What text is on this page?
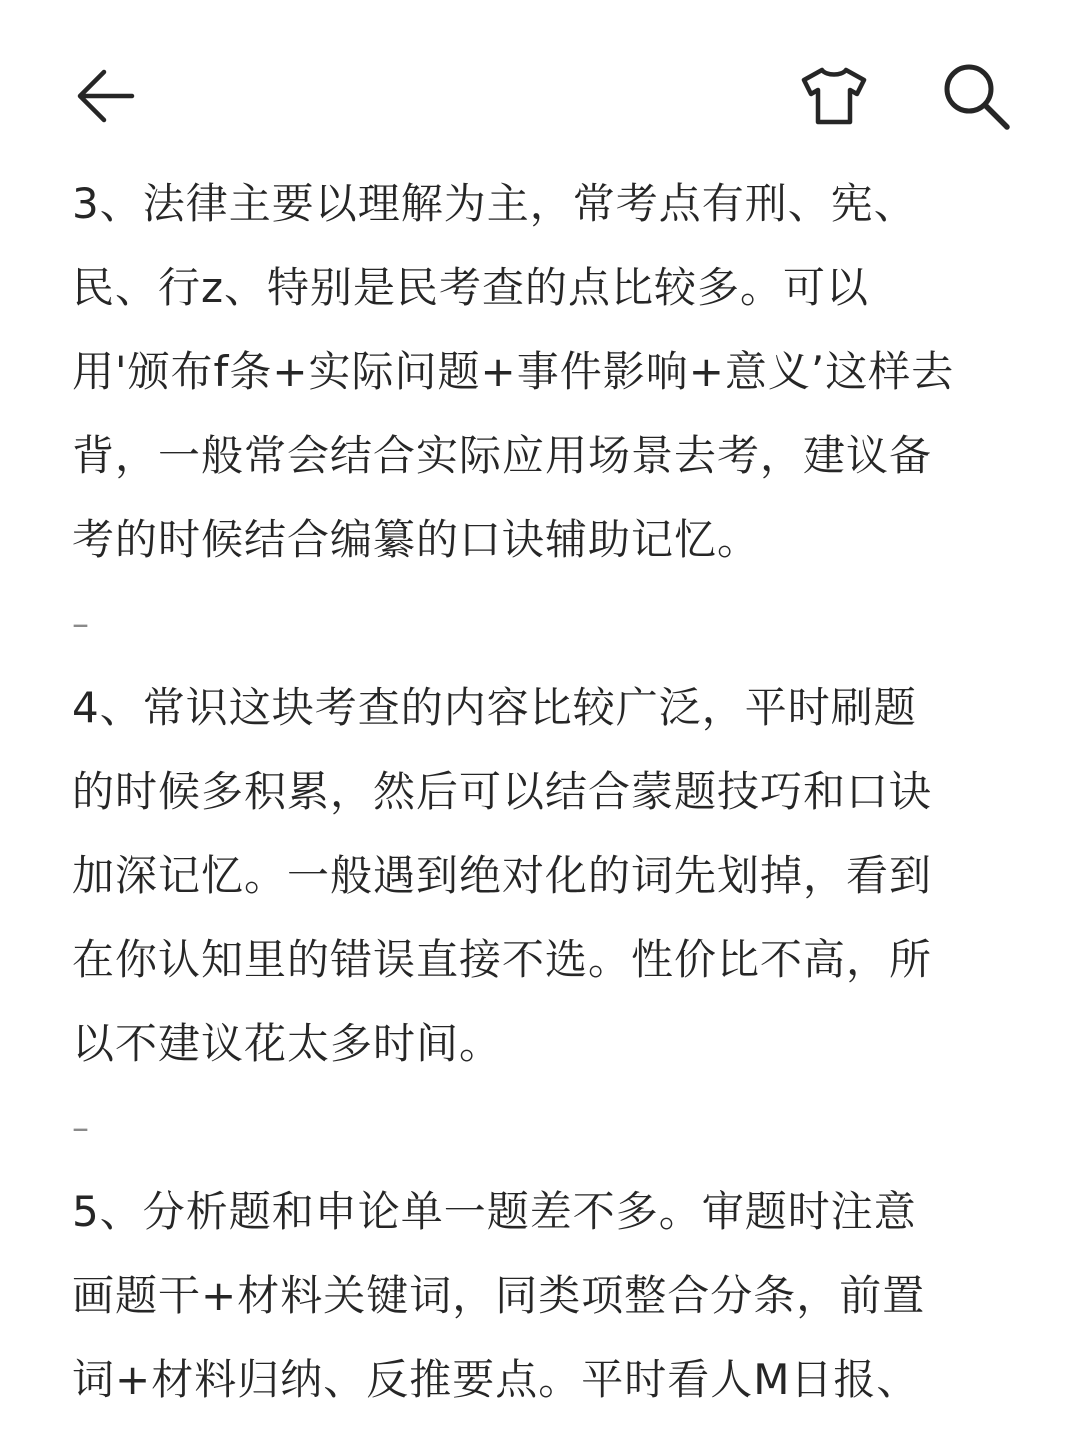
3、法律主要以理解为主，常考点有刑、宪、
民、行z、特别是民考查的点比较多。可以
用'颁布f条+实际问题+事件影响+意义’这样去
背，一般常会结合实际应用场景去考，建议备
考的时候结合编纂的口诀辅助记忆。
–
4、常识这块考查的内容比较广泛，平时刷题
的时候多积累，然后可以结合蒙题技巧和口诀
加深记忆。一般遇到绝对化的词先划掉，看到
在你认知里的错误直接不选。性价比不高，所
以不建议花太多时间。
–
5、分析题和申论单一题差不多。审题时注意
画题干+材料关键词，同类项整合分条，前置
词+材料归纳、反推要点。平时看人M日报、
